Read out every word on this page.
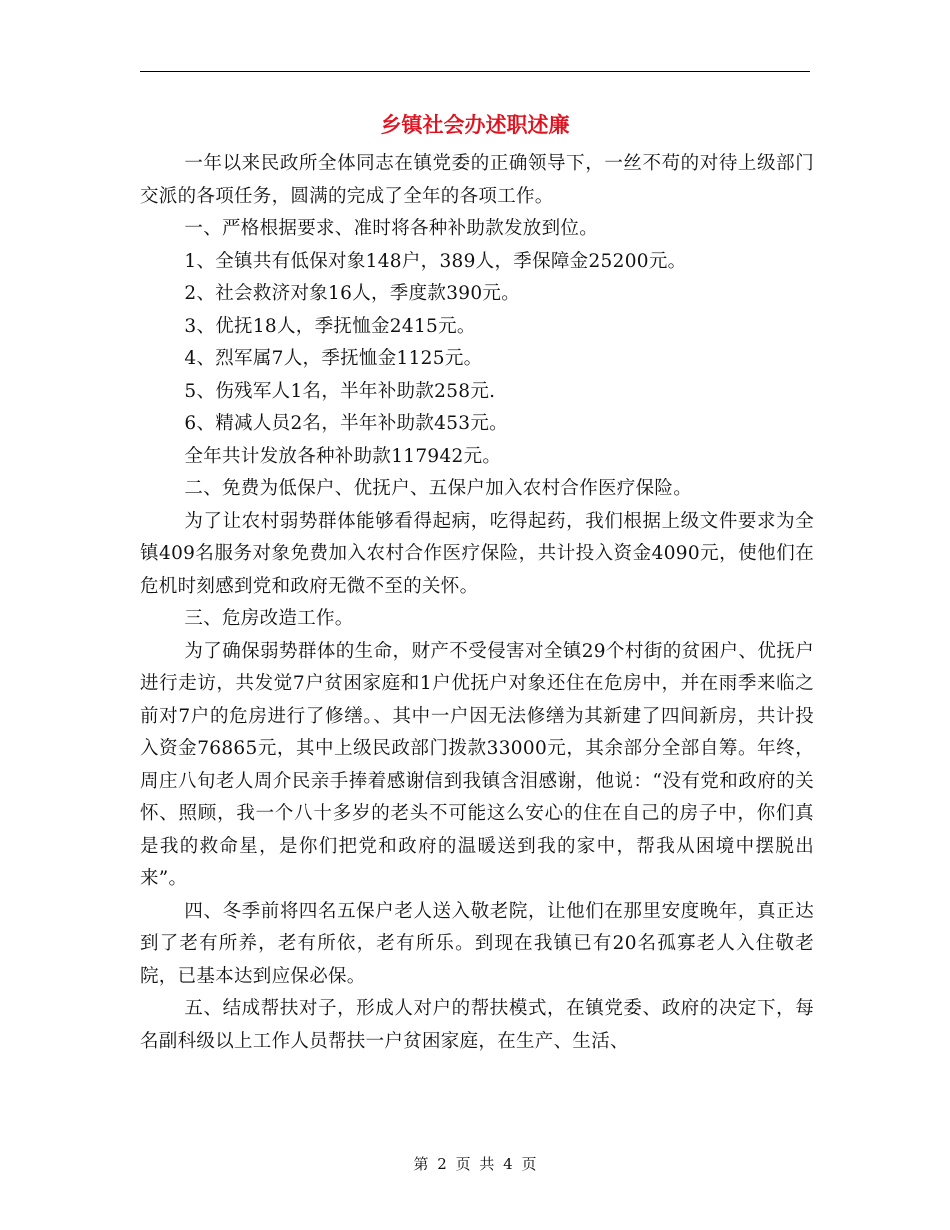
乡镇社会办述职述廉

一年以来民政所全体同志在镇党委的正确领导下，一丝不苟的对待上级部门交派的各项任务，圆满的完成了全年的各项工作。

一、严格根据要求、准时将各种补助款发放到位。

1、全镇共有低保对象148户，389人，季保障金25200元。

2、社会救济对象16人，季度款390元。

3、优抚18人，季抚恤金2415元。

4、烈军属7人，季抚恤金1125元。

5、伤残军人1名，半年补助款258元.

6、精减人员2名，半年补助款453元。

全年共计发放各种补助款117942元。

二、免费为低保户、优抚户、五保户加入农村合作医疗保险。

为了让农村弱势群体能够看得起病，吃得起药，我们根据上级文件要求为全镇409名服务对象免费加入农村合作医疗保险，共计投入资金4090元，使他们在危机时刻感到党和政府无微不至的关怀。

三、危房改造工作。

为了确保弱势群体的生命，财产不受侵害对全镇29个村街的贫困户、优抚户进行走访，共发觉7户贫困家庭和1户优抚户对象还住在危房中，并在雨季来临之前对7户的危房进行了修缮。、其中一户因无法修缮为其新建了四间新房，共计投入资金76865元，其中上级民政部门拨款33000元，其余部分全部自筹。年终，周庄八旬老人周介民亲手捧着感谢信到我镇含泪感谢，他说：“没有党和政府的关怀、照顾，我一个八十多岁的老头不可能这么安心的住在自己的房子中，你们真是我的救命星，是你们把党和政府的温暖送到我的家中，帮我从困境中摆脱出来”。

四、冬季前将四名五保户老人送入敬老院，让他们在那里安度晚年，真正达到了老有所养，老有所依，老有所乐。到现在我镇已有20名孤寡老人入住敬老院，已基本达到应保必保。

五、结成帮扶对子，形成人对户的帮扶模式，在镇党委、政府的决定下，每名副科级以上工作人员帮扶一户贫困家庭，在生产、生活、

第 2 页 共 4 页
